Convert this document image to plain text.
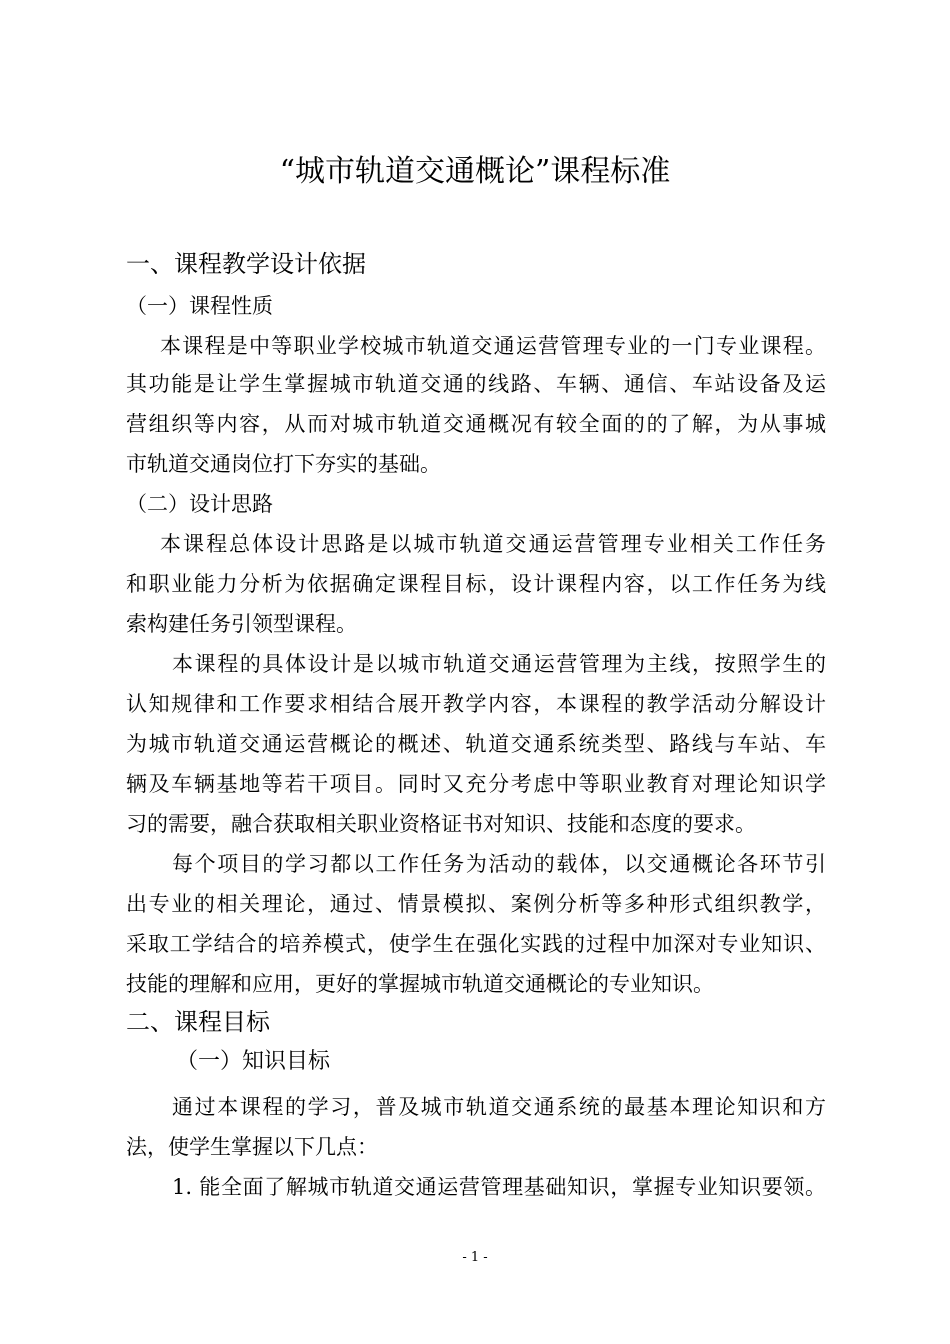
“城市轨道交通概论”课程标准
一、课程教学设计依据
（一）课程性质
本课程是中等职业学校城市轨道交通运营管理专业的一门专业课程。
其功能是让学生掌握城市轨道交通的线路、车辆、通信、车站设备及运
营组织等内容，从而对城市轨道交通概况有较全面的的了解，为从事城
市轨道交通岗位打下夯实的基础。
（二）设计思路
本课程总体设计思路是以城市轨道交通运营管理专业相关工作任务
和职业能力分析为依据确定课程目标，设计课程内容，以工作任务为线
索构建任务引领型课程。
本课程的具体设计是以城市轨道交通运营管理为主线，按照学生的
认知规律和工作要求相结合展开教学内容，本课程的教学活动分解设计
为城市轨道交通运营概论的概述、轨道交通系统类型、路线与车站、车
辆及车辆基地等若干项目。同时又充分考虑中等职业教育对理论知识学
习的需要，融合获取相关职业资格证书对知识、技能和态度的要求。
每个项目的学习都以工作任务为活动的载体，以交通概论各环节引
出专业的相关理论，通过、情景模拟、案例分析等多种形式组织教学，
采取工学结合的培养模式，使学生在强化实践的过程中加深对专业知识、
技能的理解和应用，更好的掌握城市轨道交通概论的专业知识。
二、课程目标
（一）知识目标
通过本课程的学习，普及城市轨道交通系统的最基本理论知识和方
法，使学生掌握以下几点：
1. 能全面了解城市轨道交通运营管理基础知识，掌握专业知识要领。
- 1 -
